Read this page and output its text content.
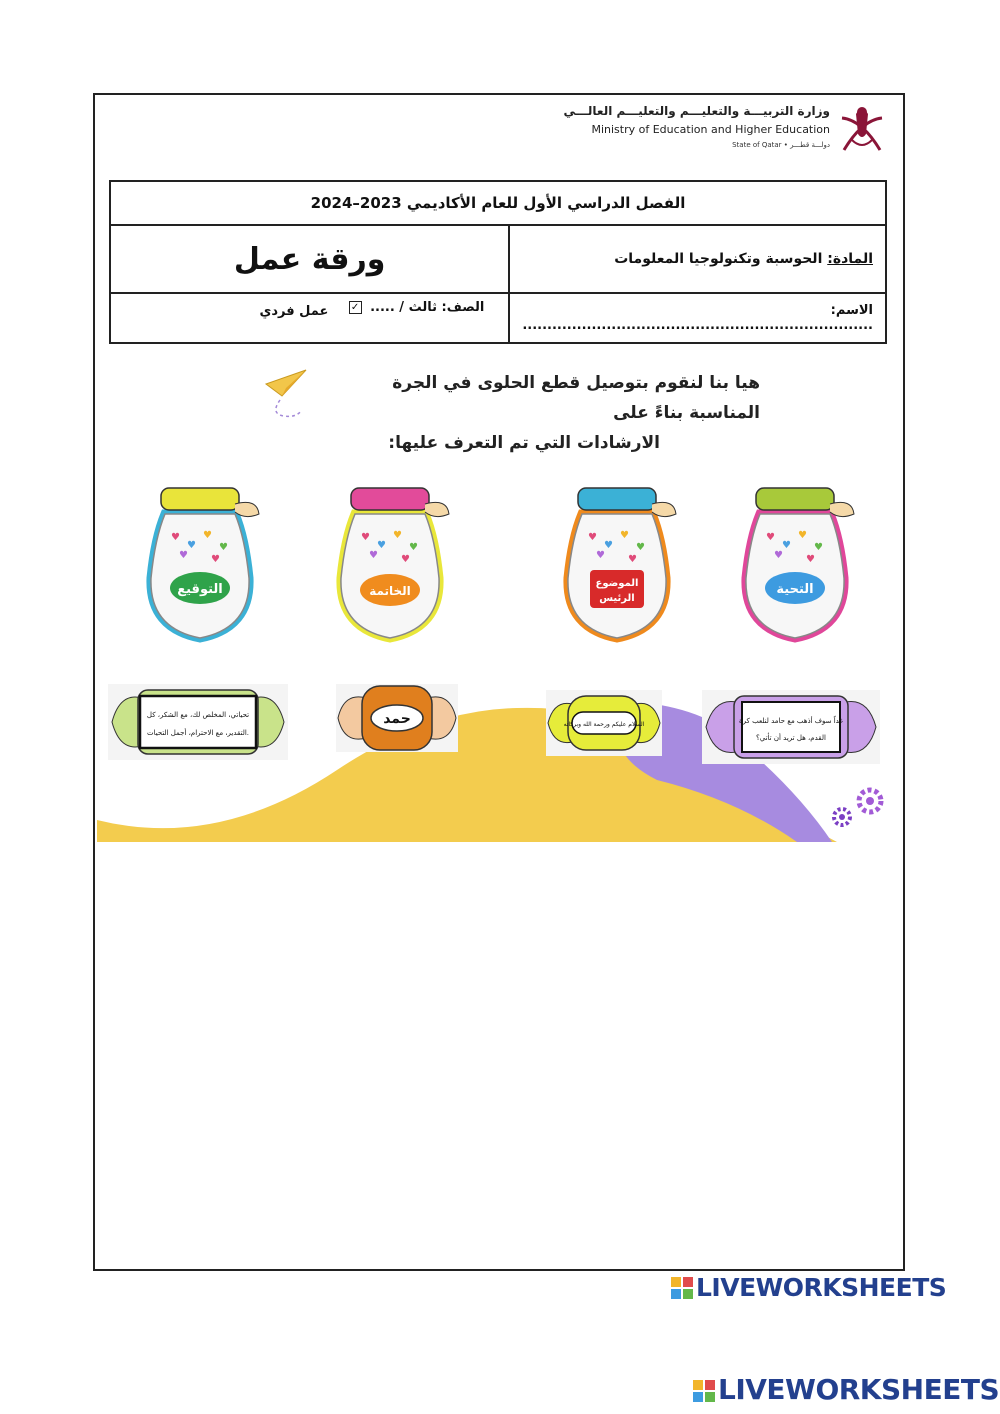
وزارة التربيـــة والتعليـــم والتعليـــم العالـــي
Ministry of Education and Higher Education
State of Qatar • دولـــة قطـــر
الفصل الدراسي الأول للعام الأكاديمي 2023–2024	
المادة: الحوسبة وتكنولوجيا المعلومات	ورقة عمل
الاسم: .......................................................................	الصف: ثالث / ..... ✓
عمل فردي
هيا بنا لنقوم بتوصيل قطع الحلوى في الجرة المناسبة بناءً على
الارشادات التي تم التعرف عليها:
♥
♥
♥
♥
♥ ♥
التحية
♥
♥
♥
♥
♥ ♥
الموضوع
الرئيس
♥
♥
♥
♥
♥ ♥
الخاتمة
♥
♥
♥
♥
♥ ♥
التوقيع
غداً سوف أذهب مع حامد لنلعب كرة
القدم، هل تريد أن تأتي؟
السلام عليكم ورحمة الله وبركاته
حمد
تحياتي، المخلص لك، مع الشكر، كل
التقدير، مع الاحترام، أجمل التحيات.
LIVEWORKSHEETS
LIVEWORKSHEETS
